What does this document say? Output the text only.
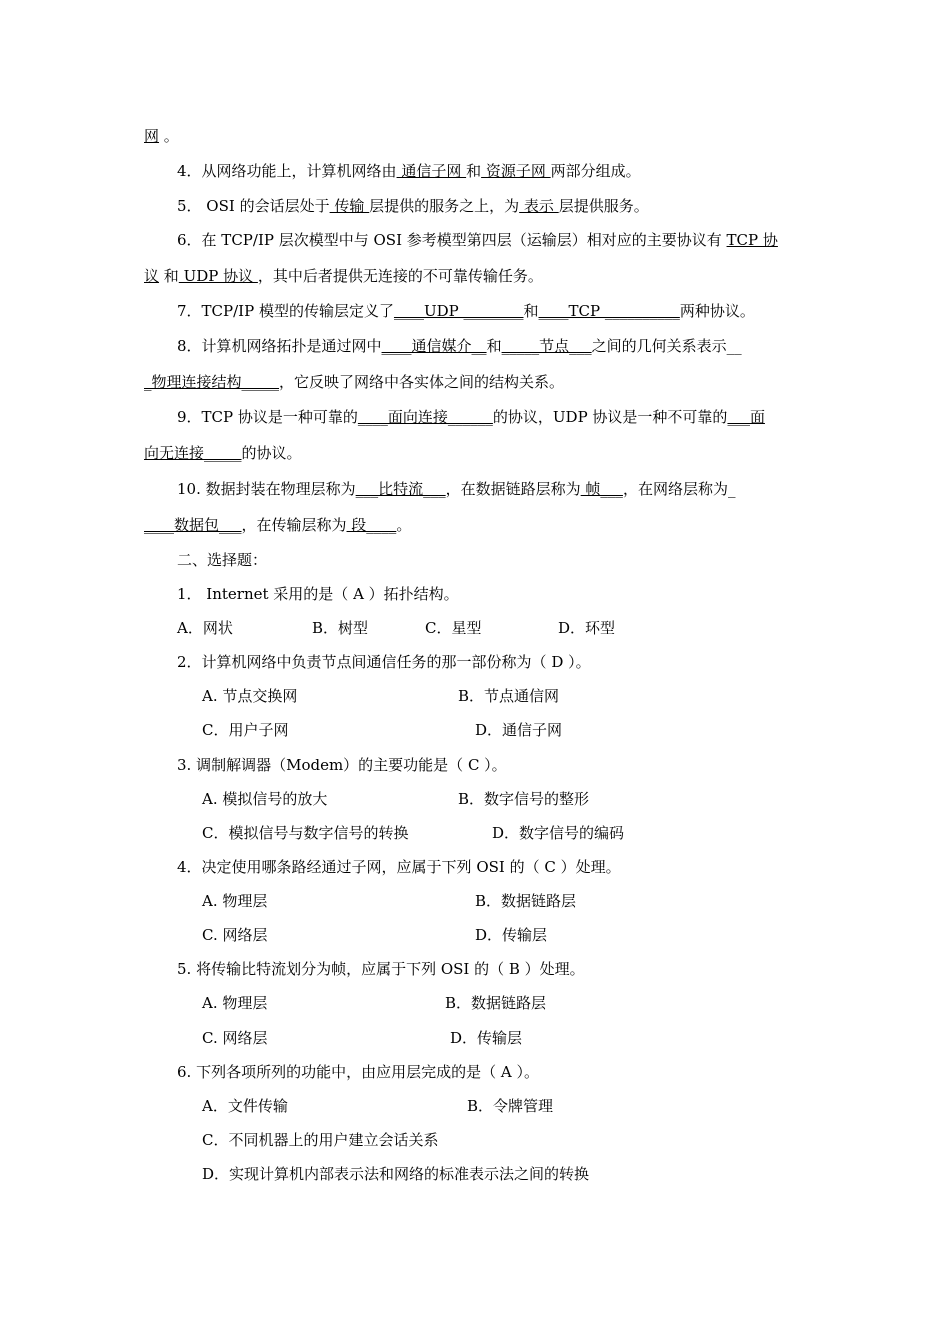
网 。
4．从网络功能上，计算机网络由 通信子网 和 资源子网 两部分组成。
5． OSI 的会话层处于 传输 层提供的服务之上，为 表示 层提供服务。
6．在 TCP/IP 层次模型中与 OSI 参考模型第四层（运输层）相对应的主要协议有 TCP 协
议 和 UDP 协议 ，其中后者提供无连接的不可靠传输任务。
7．TCP/IP 模型的传输层定义了____UDP ________和____TCP __________两种协议。
8．计算机网络拓扑是通过网中____通信媒介__和_____节点___之间的几何关系表示__
_物理连接结构_____，它反映了网络中各实体之间的结构关系。
9．TCP 协议是一种可靠的____面向连接______的协议，UDP 协议是一种不可靠的___面
向无连接_____的协议。
10. 数据封装在物理层称为___比特流___，在数据链路层称为 帧___，在网络层称为_
____数据包___，在传输层称为 段____。
二、选择题：
1． Internet 采用的是（ A ）拓扑结构。
A．网状	B．树型	C．星型	D．环型
2．计算机网络中负责节点间通信任务的那一部份称为（ D ）。
A. 节点交换网	B．节点通信网
C．用户子网	D．通信子网
3. 调制解调器（Modem）的主要功能是（ C ）。
A. 模拟信号的放大	B．数字信号的整形
C．模拟信号与数字信号的转换	D．数字信号的编码
4．决定使用哪条路经通过子网，应属于下列 OSI 的（ C ）处理。
A. 物理层	B．数据链路层
C. 网络层	D．传输层
5. 将传输比特流划分为帧，应属于下列 OSI 的（ B ）处理。
A. 物理层	B．数据链路层
C. 网络层	D．传输层
6. 下列各项所列的功能中，由应用层完成的是（ A ）。
A．文件传输	B．令牌管理
C．不同机器上的用户建立会话关系
D．实现计算机内部表示法和网络的标准表示法之间的转换
